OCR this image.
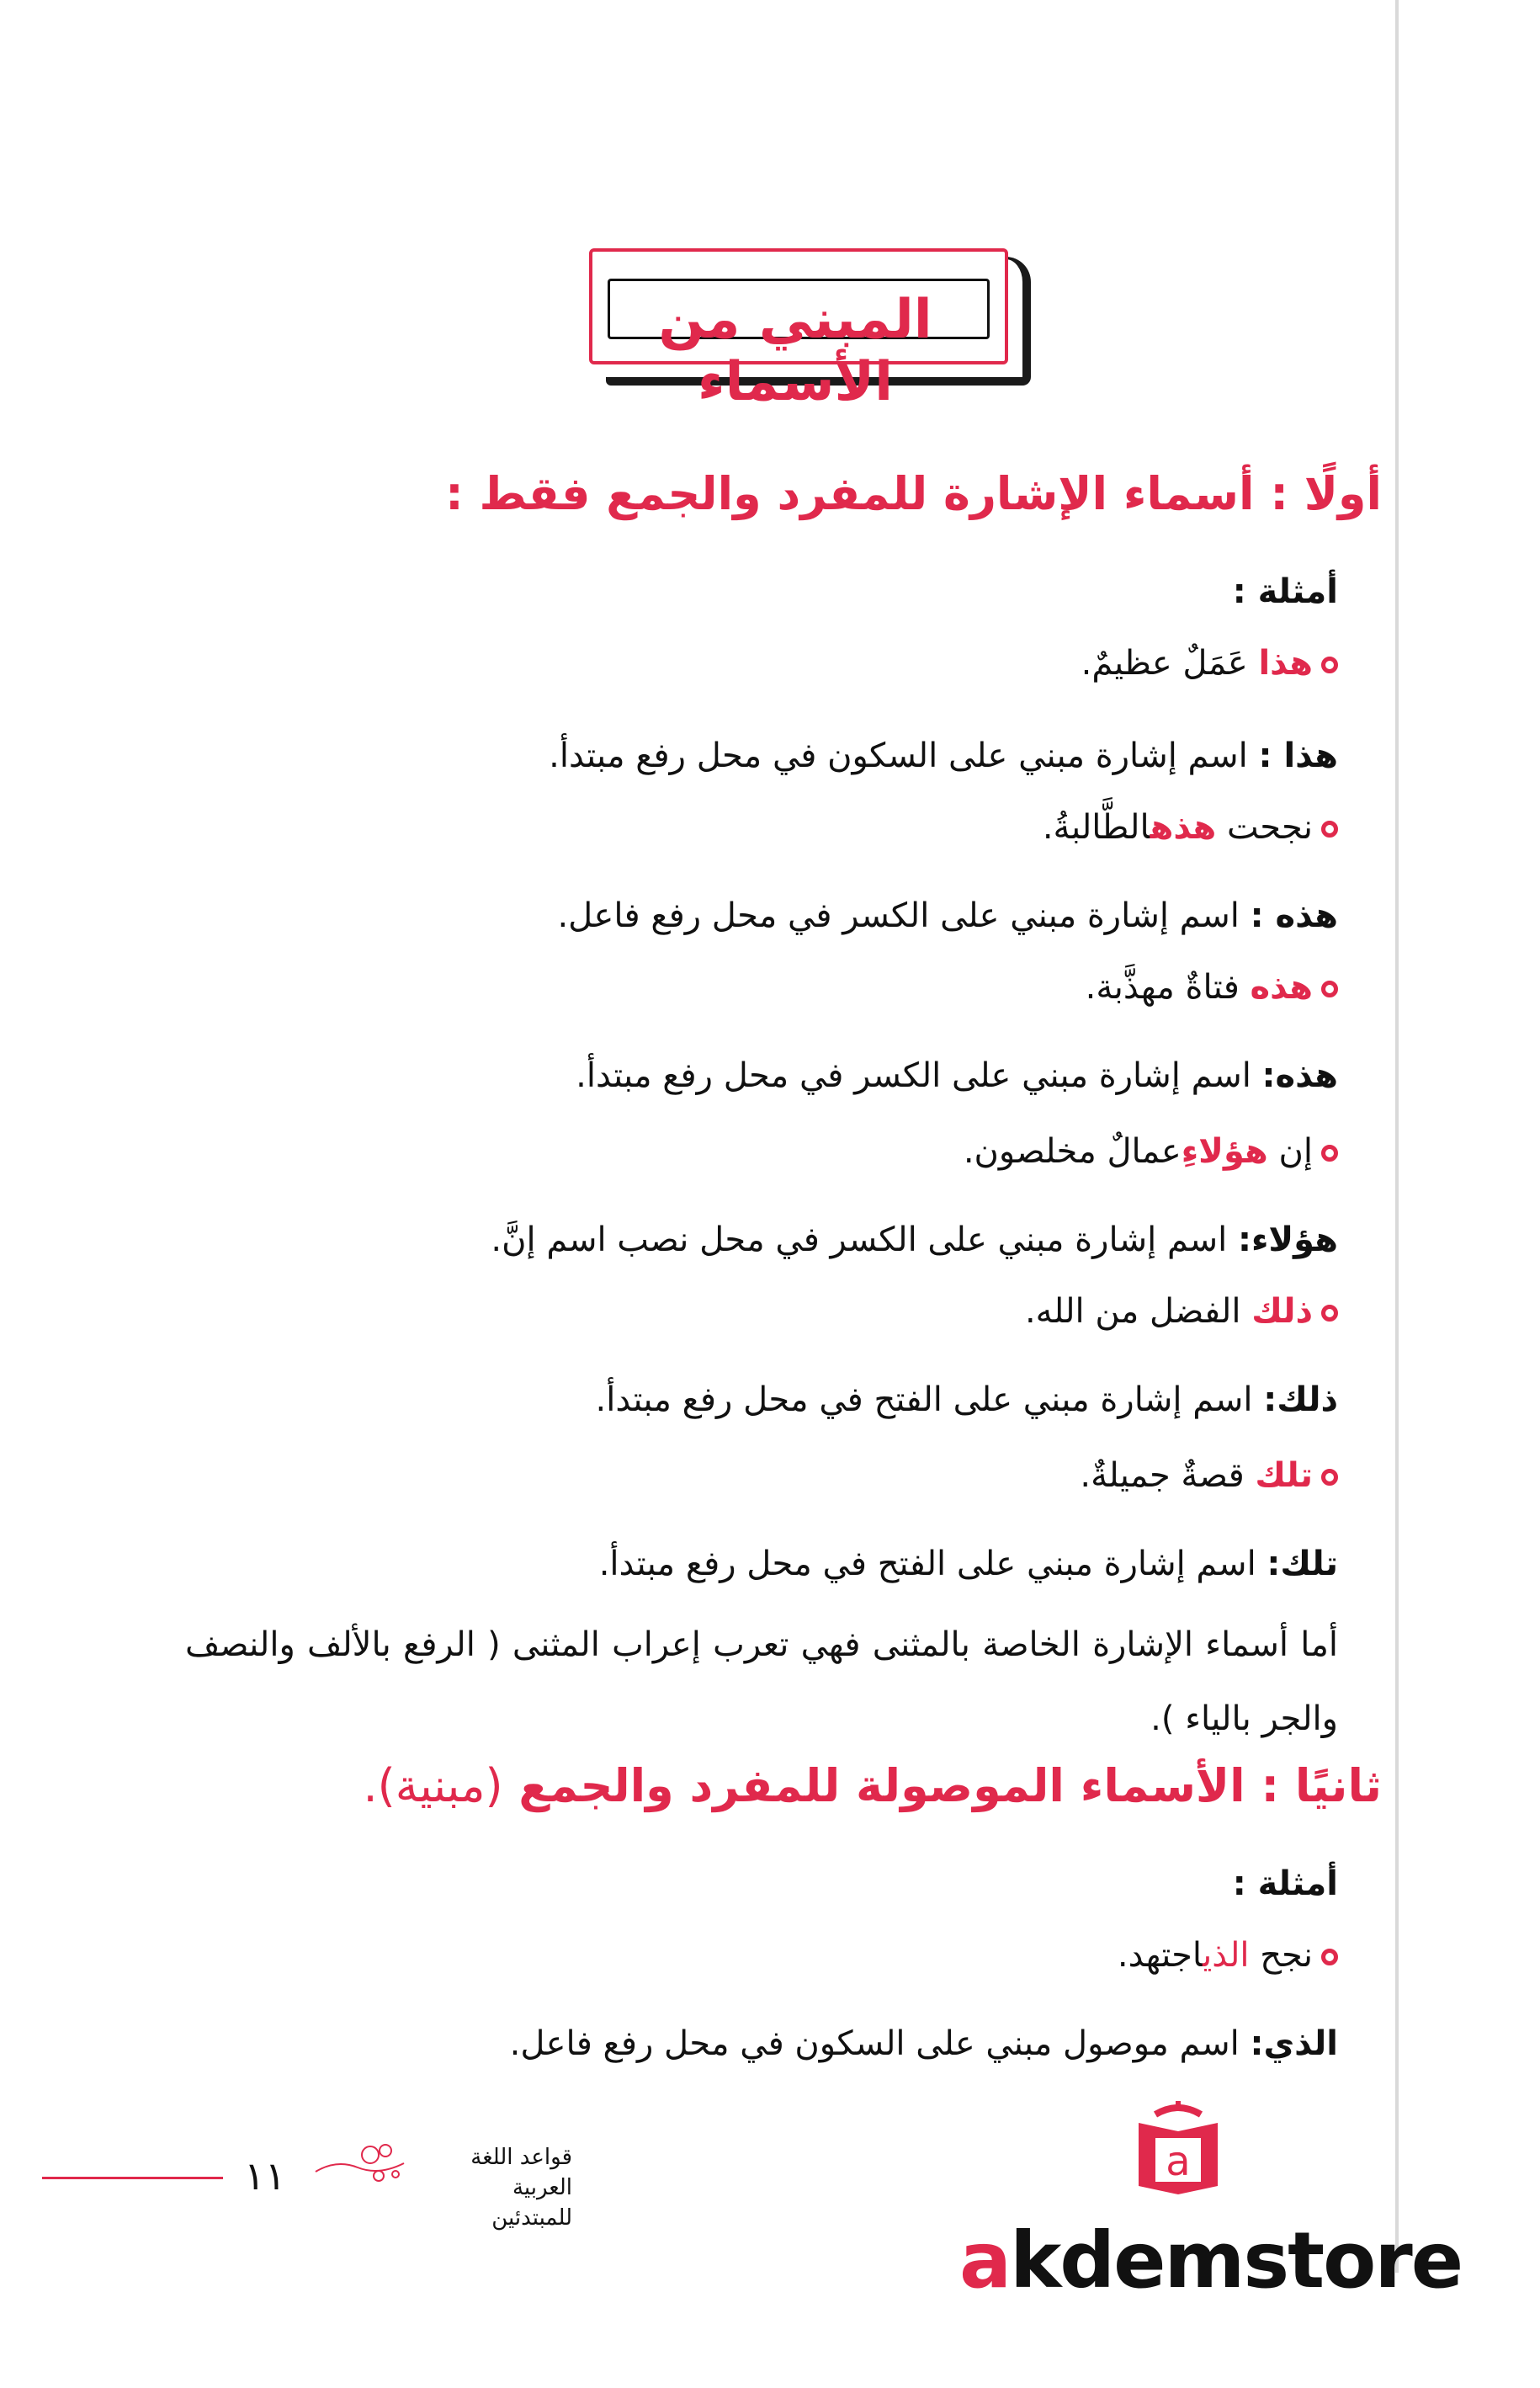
المبني من الأسماء
أولًا : أسماء الإشارة للمفرد والجمع فقط :
أمثلة :
هذا عَمَلٌ عظيمٌ.
هذا : اسم إشارة مبني على السكون في محل رفع مبتدأ.
نجحت هذهالطَّالبةُ.
هذه : اسم إشارة مبني على الكسر في محل رفع فاعل.
هذه فتاةٌ مهذَّبة.
هذه: اسم إشارة مبني على الكسر في محل رفع مبتدأ.
إن هؤلاءِعمالٌ مخلصون.
هؤلاء: اسم إشارة مبني على الكسر في محل نصب اسم إنَّ.
ذلك الفضل من الله.
ذلك: اسم إشارة مبني على الفتح في محل رفع مبتدأ.
تلك قصةٌ جميلةٌ.
تلك: اسم إشارة مبني على الفتح في محل رفع مبتدأ.
أما أسماء الإشارة الخاصة بالمثنى فهي تعرب إعراب المثنى ( الرفع بالألف والنصف والجر بالياء ).
ثانيًا : الأسماء الموصولة للمفرد والجمع (مبنية).
أمثلة :
نجح الذياجتهد.
الذي: اسم موصول مبني على السكون في محل رفع فاعل.
١١	قواعد اللغة العربية
للمبتدئين
a
akdemstore
